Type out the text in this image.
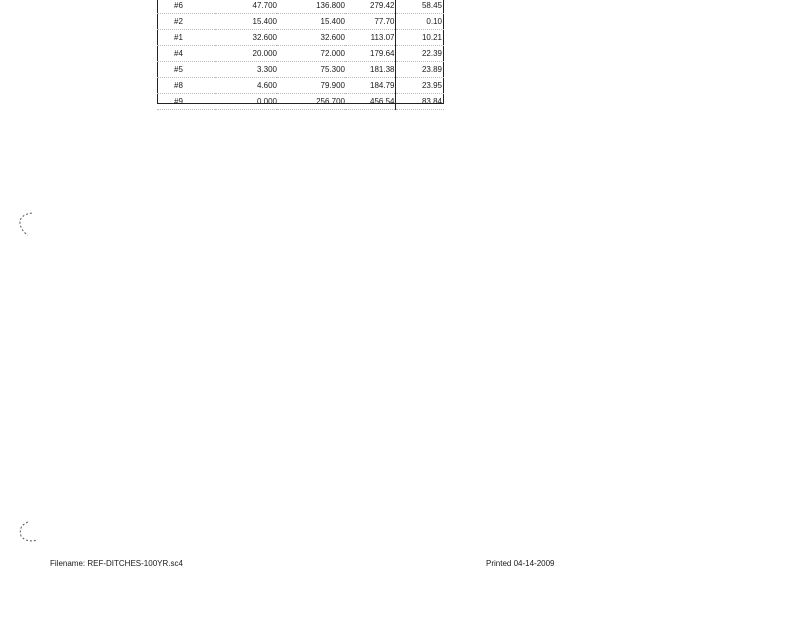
#6	47.700	136.800	279.42	58.45
#2	15.400	15.400	77.70	0.10
#1	32.600	32.600	113.07	10.21
#4	20.000	72.000	179.64	22.39
#5	3.300	75.300	181.38	23.89
#8	4.600	79.900	184.79	23.95
#9	0.000	256.700	456.54	83.84
Filename: REF-DITCHES-100YR.sc4	Printed 04-14-2009
